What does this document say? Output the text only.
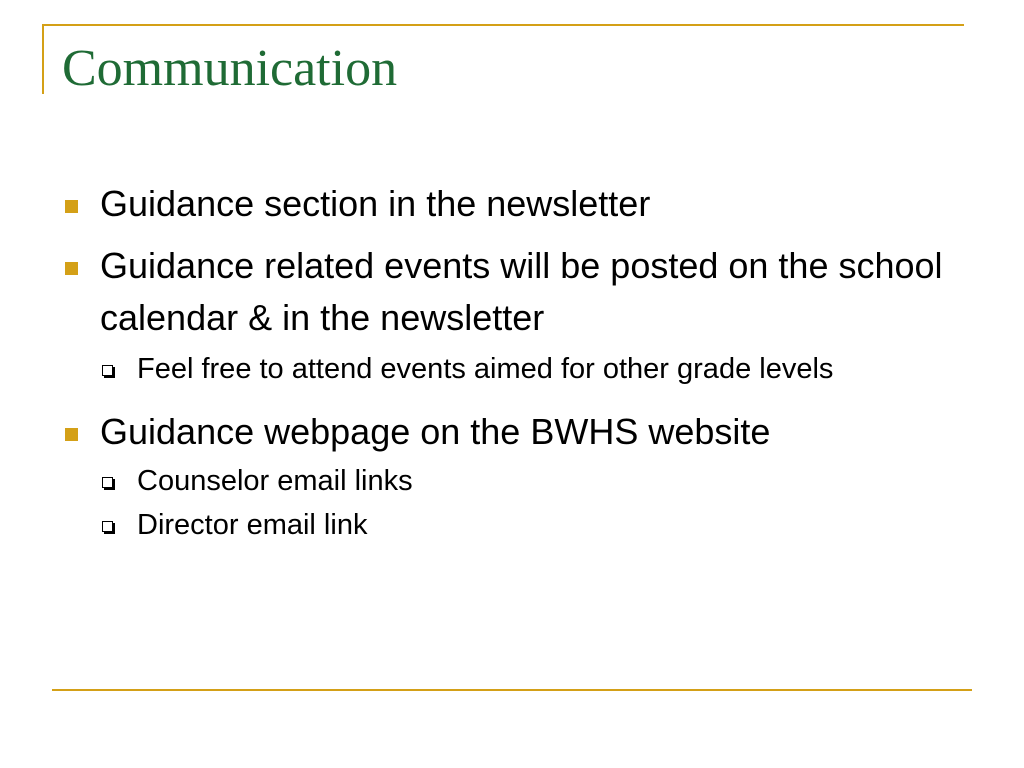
Communication
Guidance section in the newsletter
Guidance related events will be posted on the school calendar & in the newsletter
Feel free to attend events aimed for other grade levels
Guidance webpage on the BWHS website
Counselor email links
Director email link
